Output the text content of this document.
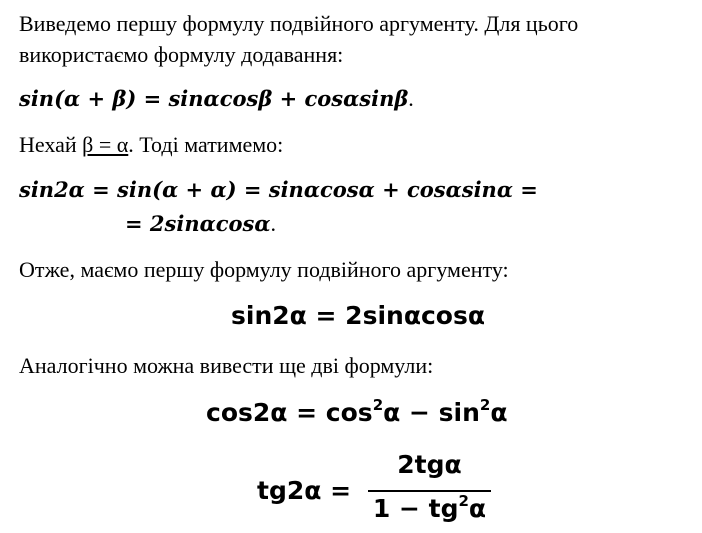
Виведемо першу формулу подвійного аргументу. Для цього
використаємо формулу додавання:
sin(α + β) = sinαcosβ + cosαsinβ.
Нехай β = α. Тоді матимемо:
sin2α = sin(α + α) = sinαcosα + cosαsinα =
= 2sinαcosα.
Отже, маємо першу формулу подвійного аргументу:
sin2α = 2sinαcosα
Аналогічно можна вивести ще дві формули:
$\cos 2\alpha = \cos^2\alpha - \sin^2\alpha$
tg2α =
2tgα
$1 - tg^2\alpha$
